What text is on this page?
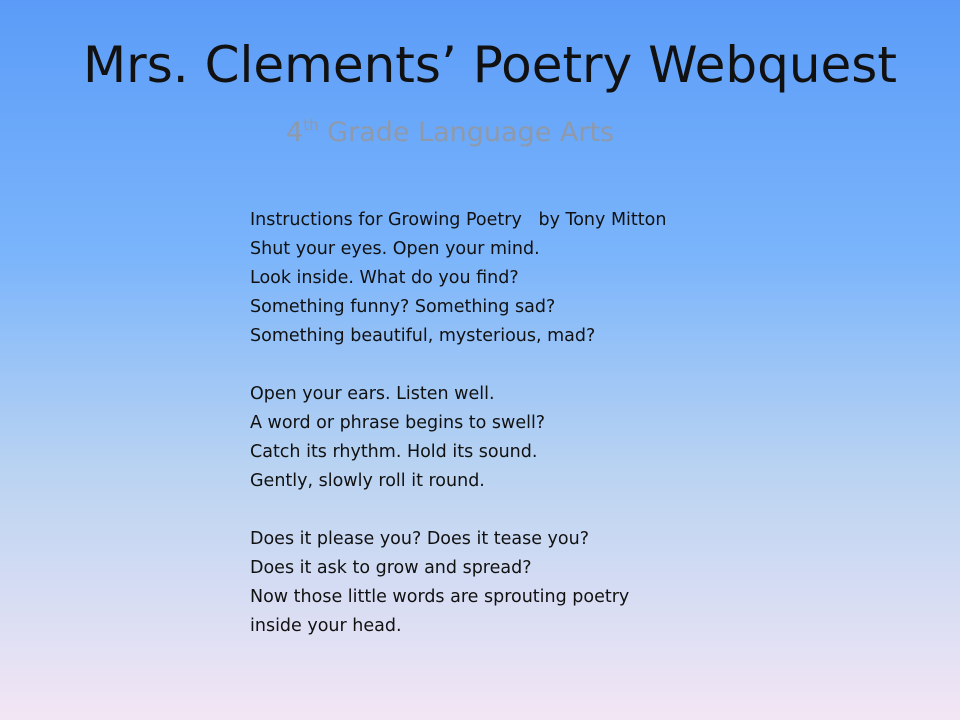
Mrs. Clements’ Poetry Webquest
4th Grade Language Arts
Instructions for Growing Poetry   by Tony Mitton
Shut your eyes. Open your mind.
Look inside. What do you find?
Something funny? Something sad?
Something beautiful, mysterious, mad?
Open your ears. Listen well.
A word or phrase begins to swell?
Catch its rhythm. Hold its sound.
Gently, slowly roll it round.
Does it please you? Does it tease you?
Does it ask to grow and spread?
Now those little words are sprouting poetry
inside your head.
